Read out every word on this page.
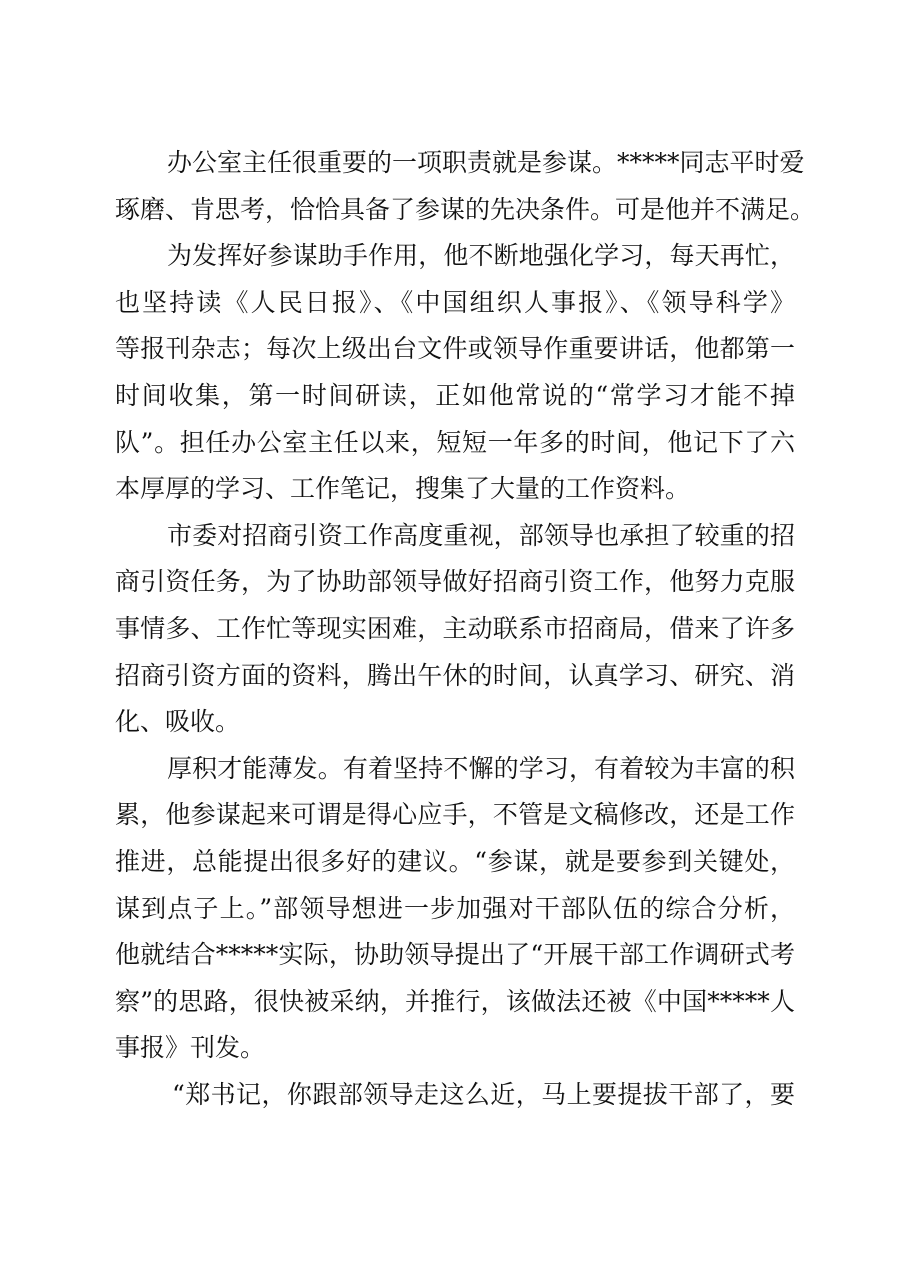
办公室主任很重要的一项职责就是参谋。*****同志平时爱
琢磨、肯思考，恰恰具备了参谋的先决条件。可是他并不满足。
为发挥好参谋助手作用，他不断地强化学习，每天再忙，
也坚持读《人民日报》、《中国组织人事报》、《领导科学》
等报刊杂志；每次上级出台文件或领导作重要讲话，他都第一
时间收集，第一时间研读，正如他常说的“常学习才能不掉
队”。担任办公室主任以来，短短一年多的时间，他记下了六
本厚厚的学习、工作笔记，搜集了大量的工作资料。
市委对招商引资工作高度重视，部领导也承担了较重的招
商引资任务，为了协助部领导做好招商引资工作，他努力克服
事情多、工作忙等现实困难，主动联系市招商局，借来了许多
招商引资方面的资料，腾出午休的时间，认真学习、研究、消
化、吸收。
厚积才能薄发。有着坚持不懈的学习，有着较为丰富的积
累，他参谋起来可谓是得心应手，不管是文稿修改，还是工作
推进，总能提出很多好的建议。“参谋，就是要参到关键处，
谋到点子上。”部领导想进一步加强对干部队伍的综合分析，
他就结合*****实际，协助领导提出了“开展干部工作调研式考
察”的思路，很快被采纳，并推行，该做法还被《中国*****人
事报》刊发。
“郑书记，你跟部领导走这么近，马上要提拔干部了，要
